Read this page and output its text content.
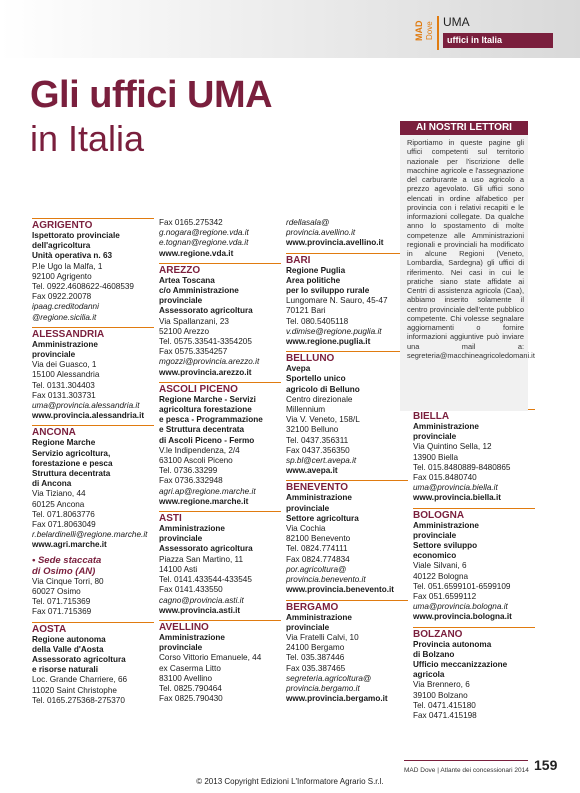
MAD Dove UMA
uffici in Italia
Gli uffici UMA
in Italia
AGRIGENTO
Ispettorato provinciale
dell'agricoltura
Unità operativa n. 63
P.le Ugo la Malfa, 1
92100 Agrigento
Tel. 0922.4608622-4608539
Fax 0922.20078
ipaag.creditodanni
@regione.sicilia.it
ALESSANDRIA
Amministrazione
provinciale
Via dei Guasco, 1
15100 Alessandria
Tel. 0131.304403
Fax 0131.303731
uma@provincia.alessandria.it
www.provincia.alessandria.it
ANCONA
Regione Marche
Servizio agricoltura,
forestazione e pesca
Struttura decentrata
di Ancona
Via Tiziano, 44
60125 Ancona
Tel. 071.8063776
Fax 071.8063049
r.belardinelli@regione.marche.it
www.agri.marche.it
• Sede staccata
di Osimo (AN)
Via Cinque Torri, 80
60027 Osimo
Tel. 071.715369
Fax 071.715369
AOSTA
Regione autonoma
della Valle d'Aosta
Assessorato agricoltura
e risorse naturali
Loc. Grande Charriere, 66
11020 Saint Christophe
Tel. 0165.275368-275370
Fax 0165.275342
g.nogara@regione.vda.it
e.tognan@regione.vda.it
www.regione.vda.it
AREZZO
Artea Toscana
c/o Amministrazione
provinciale
Assessorato agricoltura
Via Spallanzani, 23
52100 Arezzo
Tel. 0575.33541-3354205
Fax 0575.3354257
mgozzi@provincia.arezzo.it
www.provincia.arezzo.it
ASCOLI PICENO
Regione Marche - Servizi
agricoltura forestazione
e pesca - Programmazione
e Struttura decentrata
di Ascoli Piceno - Fermo
V.le Indipendenza, 2/4
63100 Ascoli Piceno
Tel. 0736.33299
Fax 0736.332948
agri.ap@regione.marche.it
www.regione.marche.it
ASTI
Amministrazione
provinciale
Assessorato agricoltura
Piazza San Martino, 11
14100 Asti
Tel. 0141.433544-433545
Fax 0141.433550
cagno@provincia.asti.it
www.provincia.asti.it
AVELLINO
Amministrazione
provinciale
Corso Vittorio Emanuele, 44
ex Caserma Litto
83100 Avellino
Tel. 0825.790464
Fax 0825.790430
rdellasala@
provincia.avellino.it
www.provincia.avellino.it
BARI
Regione Puglia
Area politiche
per lo sviluppo rurale
Lungomare N. Sauro, 45-47
70121 Bari
Tel. 080.5405118
v.dimise@regione.puglia.it
www.regione.puglia.it
BELLUNO
Avepa
Sportello unico
agricolo di Belluno
Centro direzionale
Millennium
Via V. Veneto, 158/L
32100 Belluno
Tel. 0437.356311
Fax 0437.356350
sp.bl@cert.avepa.it
www.avepa.it
BENEVENTO
Amministrazione
provinciale
Settore agricoltura
Via Cochia
82100 Benevento
Tel. 0824.774111
Fax 0824.774834
por.agricoltura@
provincia.benevento.it
www.provincia.benevento.it
BERGAMO
Amministrazione
provinciale
Via Fratelli Calvi, 10
24100 Bergamo
Tel. 035.387446
Fax 035.387465
segreteria.agricoltura@
provincia.bergamo.it
www.provincia.bergamo.it
BIELLA
Amministrazione
provinciale
Via Quintino Sella, 12
13900 Biella
Tel. 015.8480889-8480865
Fax 015.8480740
uma@provincia.biella.it
www.provincia.biella.it
BOLOGNA
Amministrazione
provinciale
Settore sviluppo
economico
Viale Silvani, 6
40122 Bologna
Tel. 051.6599101-6599109
Fax 051.6599112
uma@provincia.bologna.it
www.provincia.bologna.it
BOLZANO
Provincia autonoma
di Bolzano
Ufficio meccanizzazione
agricola
Via Brennero, 6
39100 Bolzano
Tel. 0471.415180
Fax 0471.415198
AI NOSTRI LETTORI
Riportiamo in queste pagine gli uffici competenti sul territorio nazionale per l'iscrizione delle macchine agricole e l'assegnazione del carburante a uso agricolo a prezzo agevolato. Gli uffici sono elencati in ordine alfabetico per provincia con i relativi recapiti e le informazioni collegate. Da qualche anno lo spostamento di molte competenze alle Amministrazioni regionali e provinciali ha modificato in alcune Regioni (Veneto, Lombardia, Sardegna) gli uffici di riferimento. Nei casi in cui le pratiche siano state affidate ai Centri di assistenza agricola (Caa), abbiamo inserito solamente il centro provinciale dell'ente pubblico competente. Chi volesse segnalare aggiornamenti o fornire informazioni aggiuntive può inviare una mail a: segreteria@macchineagricoledomani.it
MAD Dove | Atlante dei concessionari 2014 159
© 2013 Copyright Edizioni L'Informatore Agrario S.r.l.
